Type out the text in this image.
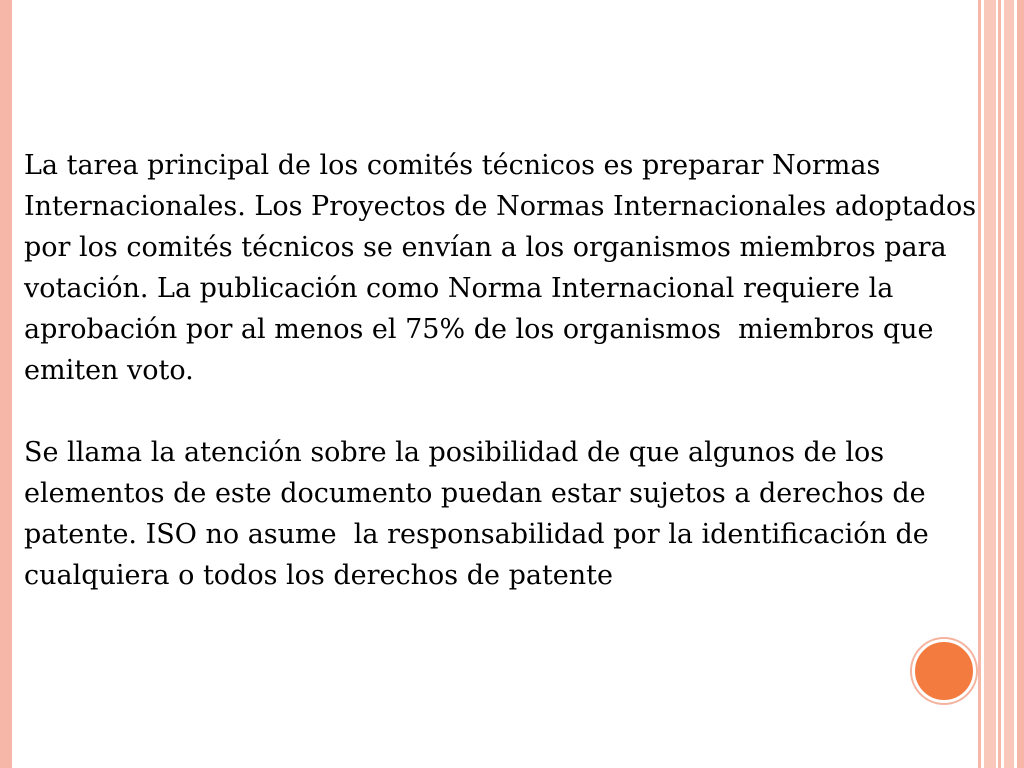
La tarea principal de los comités técnicos es preparar Normas Internacionales. Los Proyectos de Normas Internacionales adoptados por los comités técnicos se envían a los organismos miembros para votación. La publicación como Norma Internacional requiere la aprobación por al menos el 75% de los organismos  miembros que emiten voto.

Se llama la atención sobre la posibilidad de que algunos de los elementos de este documento puedan estar sujetos a derechos de patente. ISO no asume  la responsabilidad por la identificación de cualquiera o todos los derechos de patente
